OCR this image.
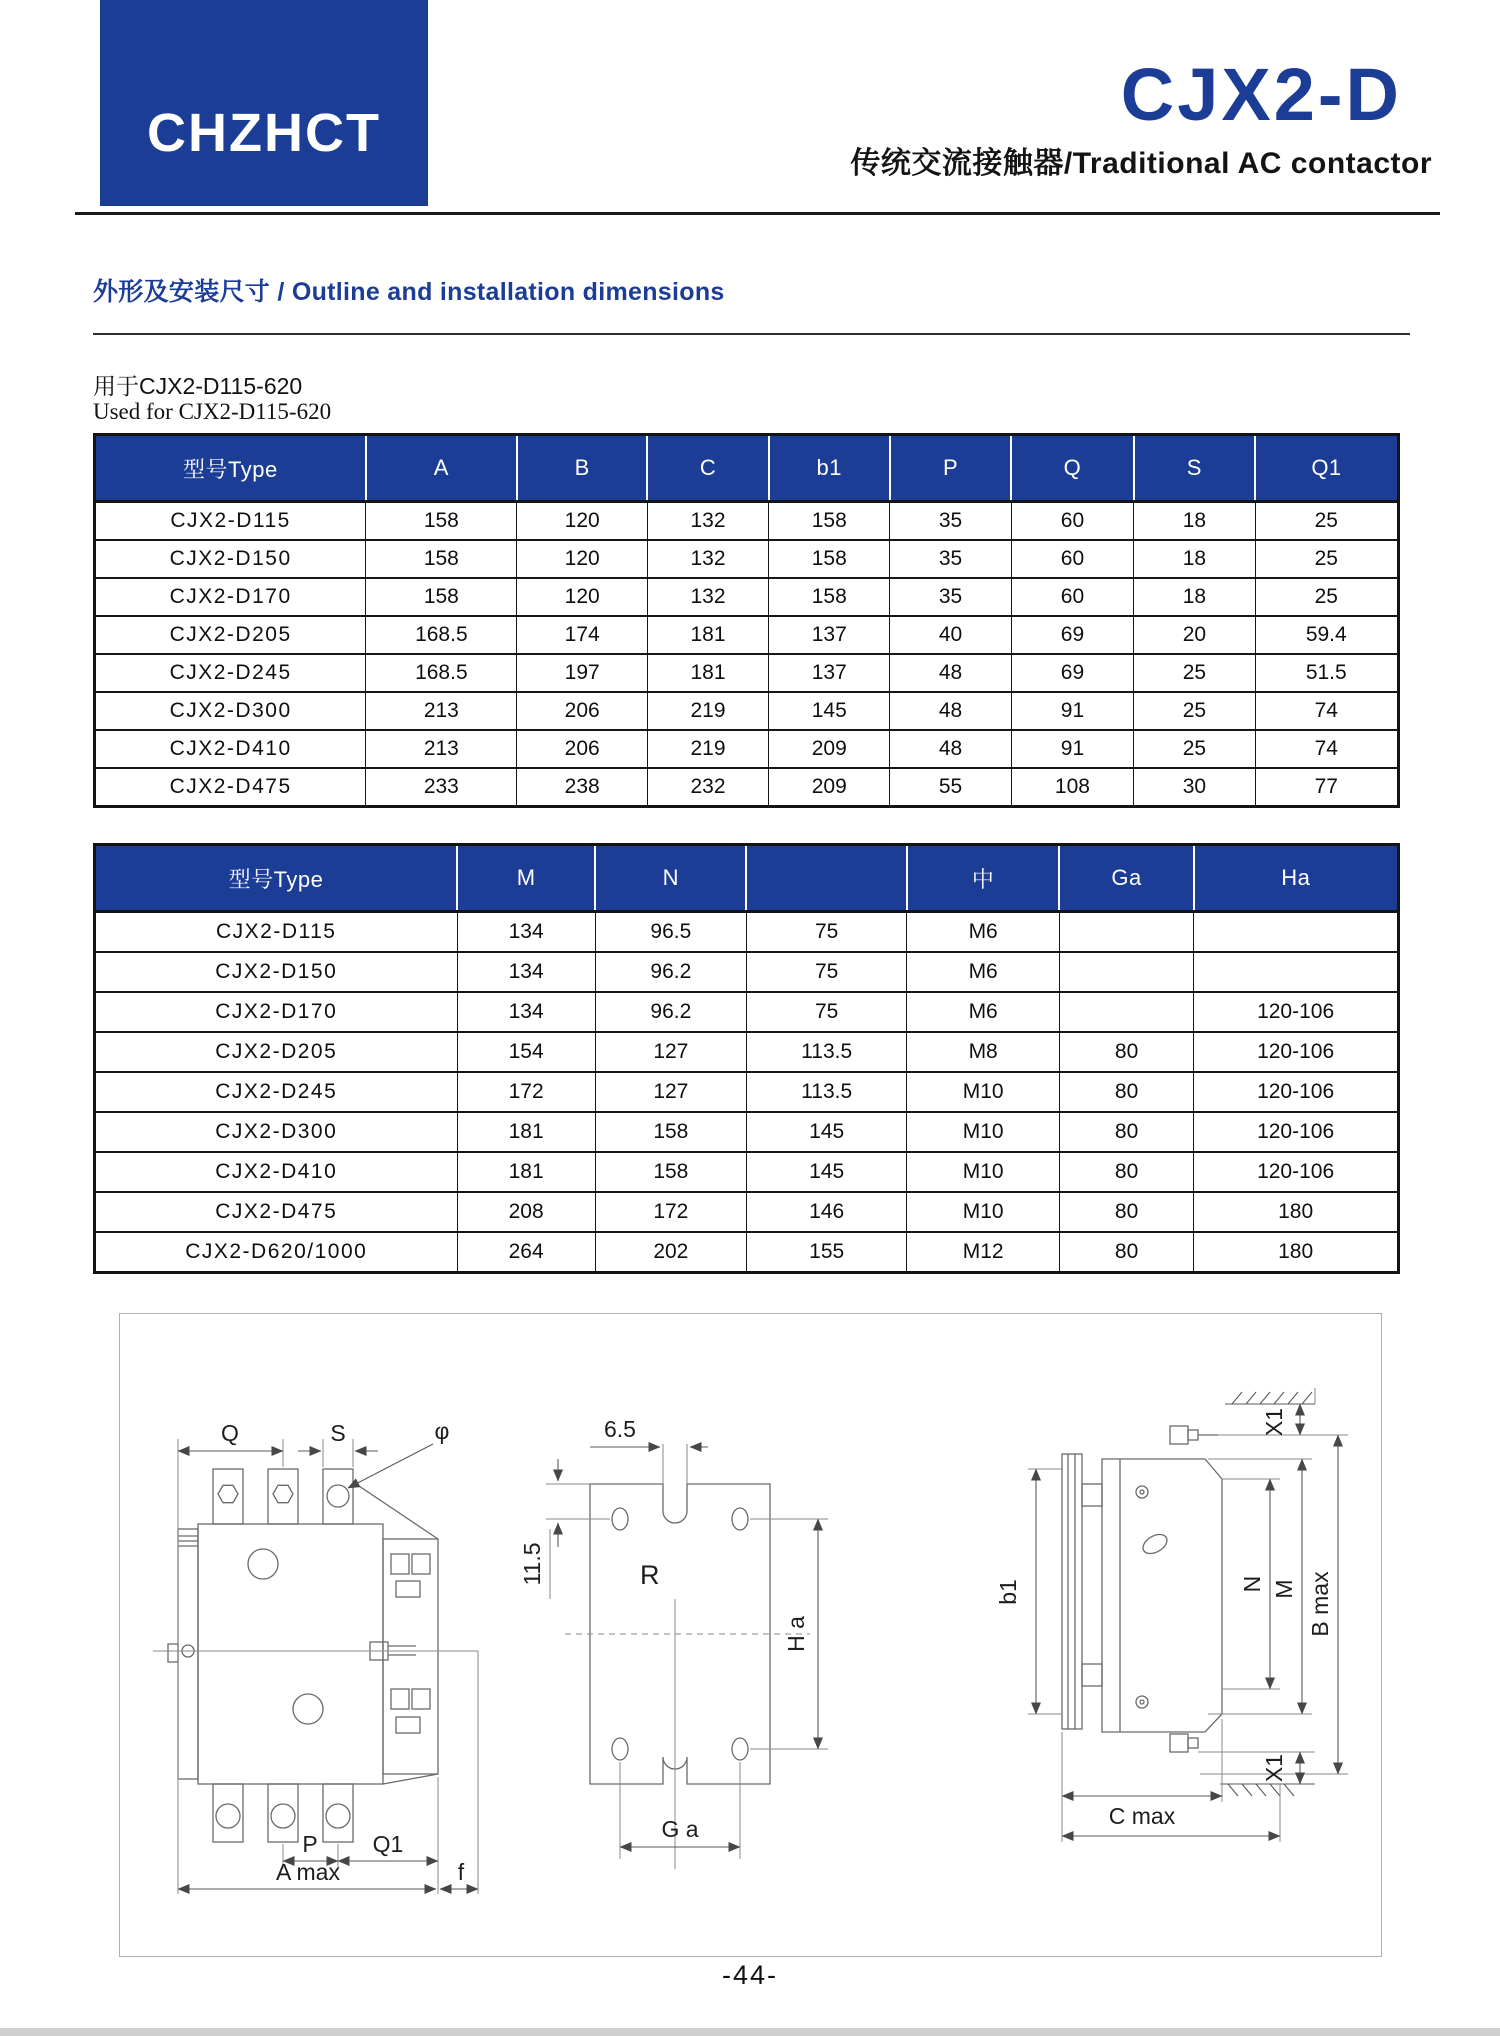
CHZHCT	CJX2-D
传统交流接触器/Traditional AC contactor
外形及安装尺寸 / Outline and installation dimensions
用于CJX2-D115-620
Used for CJX2-D115-620
型号Type	A	B	C	b1	P	Q	S	Q1
CJX2-D115	158	120	132	158	35	60	18	25
CJX2-D150	158	120	132	158	35	60	18	25
CJX2-D170	158	120	132	158	35	60	18	25
CJX2-D205	168.5	174	181	137	40	69	20	59.4
CJX2-D245	168.5	197	181	137	48	69	25	51.5
CJX2-D300	213	206	219	145	48	91	25	74
CJX2-D410	213	206	219	209	48	91	25	74
CJX2-D475	233	238	232	209	55	108	30	77
型号Type	M	N		中	Ga	Ha
CJX2-D115	134	96.5	75	M6		
CJX2-D150	134	96.2	75	M6		
CJX2-D170	134	96.2	75	M6		120-106
CJX2-D205	154	127	113.5	M8	80	120-106
CJX2-D245	172	127	113.5	M10	80	120-106
CJX2-D300	181	158	145	M10	80	120-106
CJX2-D410	181	158	145	M10	80	120-106
CJX2-D475	208	172	146	M10	80	180
CJX2-D620/1000	264	202	155	M12	80	180
Q	S	φ
P Q1
A max	f
6.5
11.5	R
H a
G a
b1
X1
N M B max
X1
C max
-44-
